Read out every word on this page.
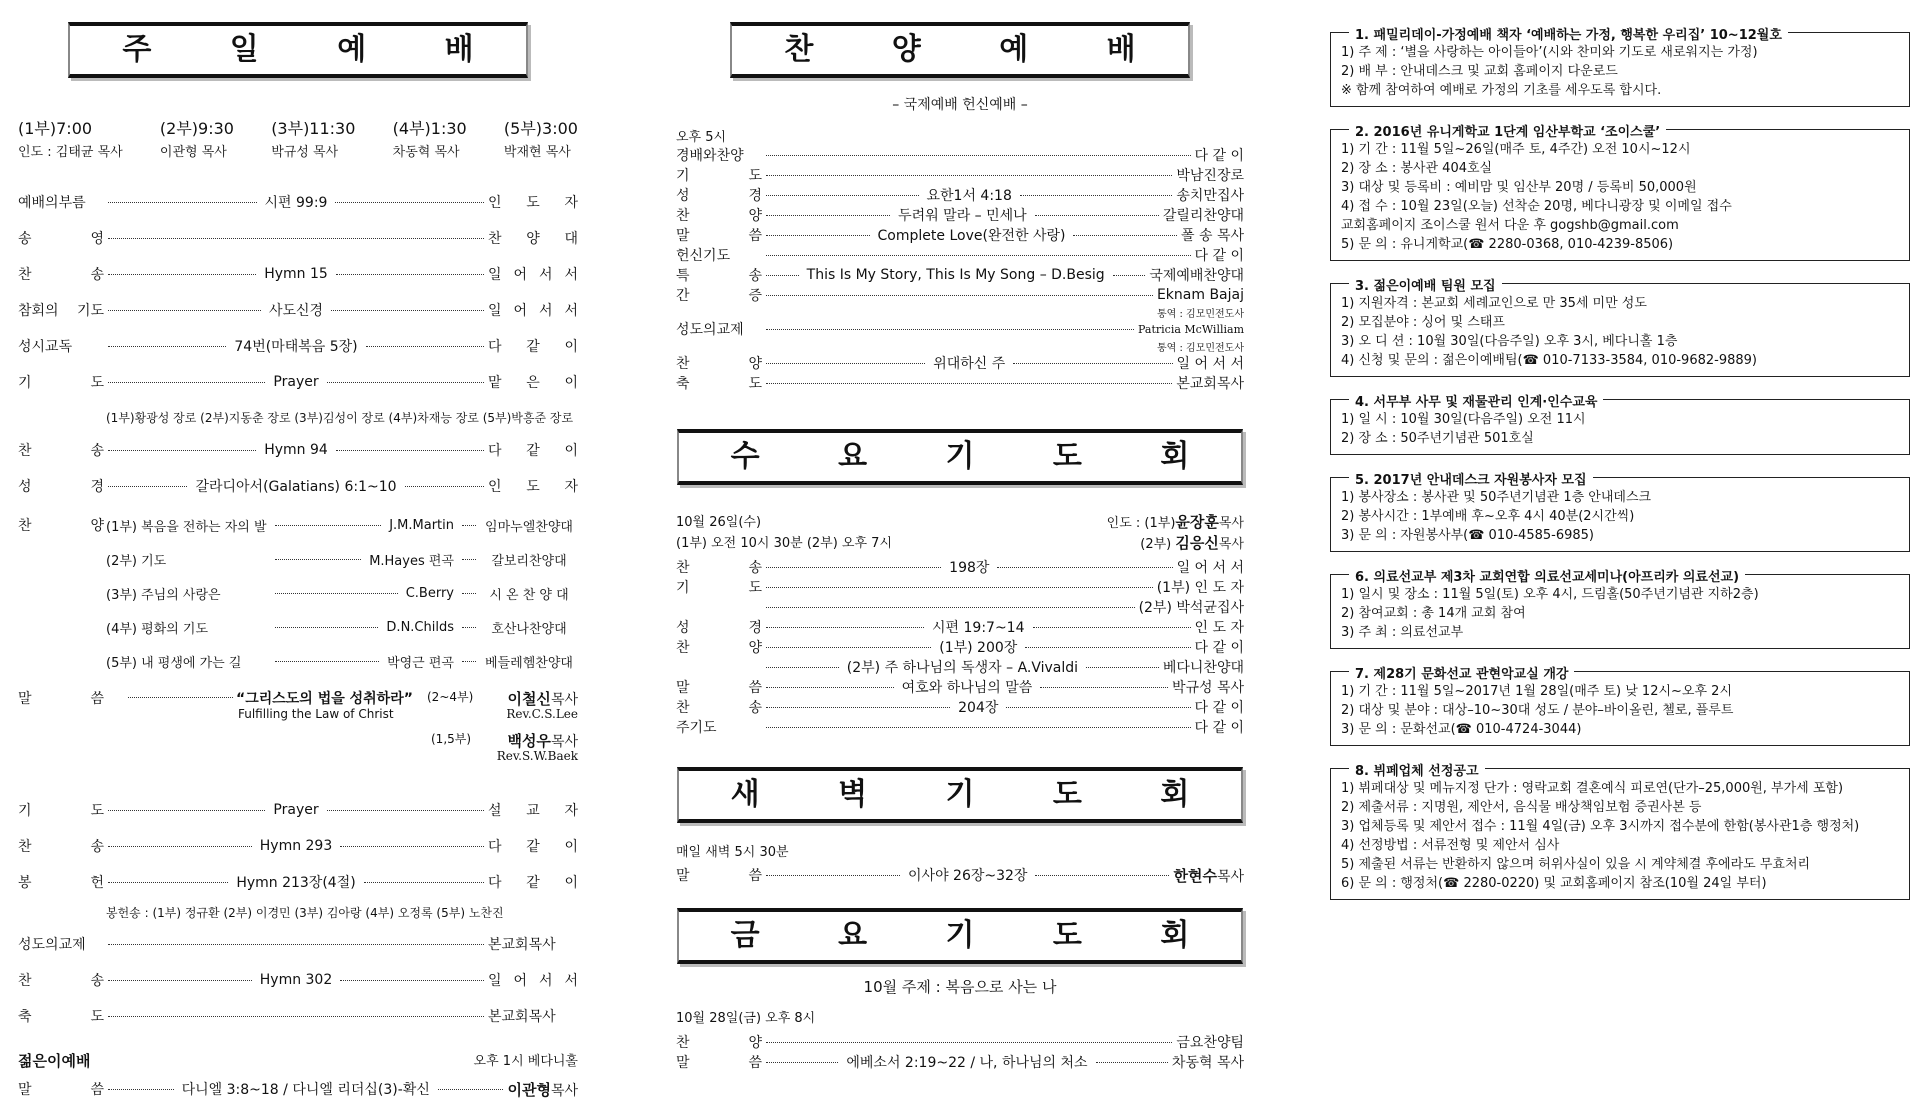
주 일 예 배
(1부)7:00
인도 : 김태균 목사
(2부)9:30
이관형 목사
(3부)11:30
박규성 목사
(4부)1:30
차동혁 목사
(5부)3:00
박재현 목사
예배의부름	시편 99:9	인 도 자
송 영	찬 양 대
찬 송	Hymn 15	일 어 서 서
참회의 기도	사도신경	일 어 서 서
성시교독	74번(마태복음 5장)	다 같 이
기 도	Prayer	맡 은 이
(1부)황광성 장로 (2부)지동춘 장로 (3부)김성이 장로 (4부)차재능 장로 (5부)박흥준 장로
찬 송	Hymn 94	다 같 이
성 경	갈라디아서(Galatians) 6:1~10	인 도 자
찬 양 (1부) 복음을 전하는 자의 발	J.M.Martin	임마누엘찬양대
(2부) 기도	M.Hayes 편곡	갈보리찬양대
(3부) 주님의 사랑은	C.Berry	시 온 찬 양 대
(4부) 평화의 기도	D.N.Childs	호산나찬양대
(5부) 내 평생에 가는 길	박영근 편곡	베들레헴찬양대
말 씀	“그리스도의 법을 성취하라”
Fulfilling the Law of Christ
(2~4부) 이철신목사
Rev.C.S.Lee
(1,5부) 백성우목사
Rev.S.W.Baek
기 도	Prayer	설 교 자
찬 송	Hymn 293	다 같 이
봉 헌	Hymn 213장(4절)	다 같 이
봉헌송 : (1부) 정규환 (2부) 이경민 (3부) 김아랑 (4부) 오정록 (5부) 노찬진
성도의교제	본교회목사
찬 송	Hymn 302	일 어 서 서
축 도	본교회목사
젊은이예배	오후 1시 베다니홀
말 씀	다니엘 3:8~18 / 다니엘 리더십(3)-확신	이관형목사
찬 양 예 배
– 국제예배 헌신예배 –
오후 5시
경배와찬양	다 같 이
기 도	박남진장로
성 경	요한1서 4:18	송치만집사
찬 양	두려워 말라 – 민세나	갈릴리찬양대
말 씀	Complete Love(완전한 사랑)	폴 송 목사
헌신기도	다 같 이
특 송	This Is My Story, This Is My Song – D.Besig	국제예배찬양대
간 증	Eknam Bajaj
통역 : 김모민전도사
성도의교제	Patricia McWilliam
통역 : 김모민전도사
찬 양	위대하신 주	일 어 서 서
축 도	본교회목사
수 요 기 도 회
10월 26일(수)	인도 : (1부)윤장훈목사
(1부) 오전 10시 30분 (2부) 오후 7시	(2부) 김응신목사
찬 송	198장	일 어 서 서
기 도	(1부) 인 도 자
(2부) 박석균집사
성 경	시편 19:7~14	인 도 자
찬 양	(1부) 200장	다 같 이
(2부) 주 하나님의 독생자 – A.Vivaldi	베다니찬양대
말 씀	여호와 하나님의 말씀	박규성 목사
찬 송	204장	다 같 이
주기도	다 같 이
새 벽 기 도 회
매일 새벽 5시 30분
말 씀	이사야 26장~32장	한현수목사
금 요 기 도 회
10월 주제 : 복음으로 사는 나
10월 28일(금) 오후 8시
찬 양	금요찬양팀
말 씀	에베소서 2:19~22 / 나, 하나님의 처소	차동혁 목사
1. 패밀리데이-가정예배 책자 ‘예배하는 가정, 행복한 우리집’ 10~12월호
1) 주 제 : ‘별을 사랑하는 아이들아’(시와 찬미와 기도로 새로워지는 가정)
2) 배 부 : 안내데스크 및 교회 홈페이지 다운로드
※ 함께 참여하여 예배로 가정의 기초를 세우도록 합시다.
2. 2016년 유니게학교 1단계 임산부학교 ‘조이스쿨’
1) 기 간 : 11월 5일~26일(매주 토, 4주간) 오전 10시~12시
2) 장 소 : 봉사관 404호실
3) 대상 및 등록비 : 예비맘 및 임산부 20명 / 등록비 50,000원
4) 접 수 : 10월 23일(오늘) 선착순 20명, 베다니광장 및 이메일 접수
교회홈페이지 조이스쿨 원서 다운 후 gogshb@gmail.com
5) 문 의 : 유니게학교(☎ 2280-0368, 010-4239-8506)
3. 젊은이예배 팀원 모집
1) 지원자격 : 본교회 세례교인으로 만 35세 미만 성도
2) 모집분야 : 싱어 및 스태프
3) 오 디 션 : 10월 30일(다음주일) 오후 3시, 베다니홀 1층
4) 신청 및 문의 : 젊은이예배팀(☎ 010-7133-3584, 010-9682-9889)
4. 서무부 사무 및 재물관리 인계·인수교육
1) 일 시 : 10월 30일(다음주일) 오전 11시
2) 장 소 : 50주년기념관 501호실
5. 2017년 안내데스크 자원봉사자 모집
1) 봉사장소 : 봉사관 및 50주년기념관 1층 안내데스크
2) 봉사시간 : 1부예배 후~오후 4시 40분(2시간씩)
3) 문 의 : 자원봉사부(☎ 010-4585-6985)
6. 의료선교부 제3차 교회연합 의료선교세미나(아프리카 의료선교)
1) 일시 및 장소 : 11월 5일(토) 오후 4시, 드림홀(50주년기념관 지하2층)
2) 참여교회 : 총 14개 교회 참여
3) 주 최 : 의료선교부
7. 제28기 문화선교 관현악교실 개강
1) 기 간 : 11월 5일~2017년 1월 28일(매주 토) 낮 12시~오후 2시
2) 대상 및 분야 : 대상–10~30대 성도 / 분야–바이올린, 첼로, 플루트
3) 문 의 : 문화선교(☎ 010-4724-3044)
8. 뷔페업체 선정공고
1) 뷔페대상 및 메뉴지정 단가 : 영락교회 결혼예식 피로연(단가–25,000원, 부가세 포함)
2) 제출서류 : 지명원, 제안서, 음식물 배상책임보험 증권사본 등
3) 업체등록 및 제안서 접수 : 11월 4일(금) 오후 3시까지 접수분에 한함(봉사관1층 행정처)
4) 선정방법 : 서류전형 및 제안서 심사
5) 제출된 서류는 반환하지 않으며 허위사실이 있을 시 계약체결 후에라도 무효처리
6) 문 의 : 행정처(☎ 2280-0220) 및 교회홈페이지 참조(10월 24일 부터)
